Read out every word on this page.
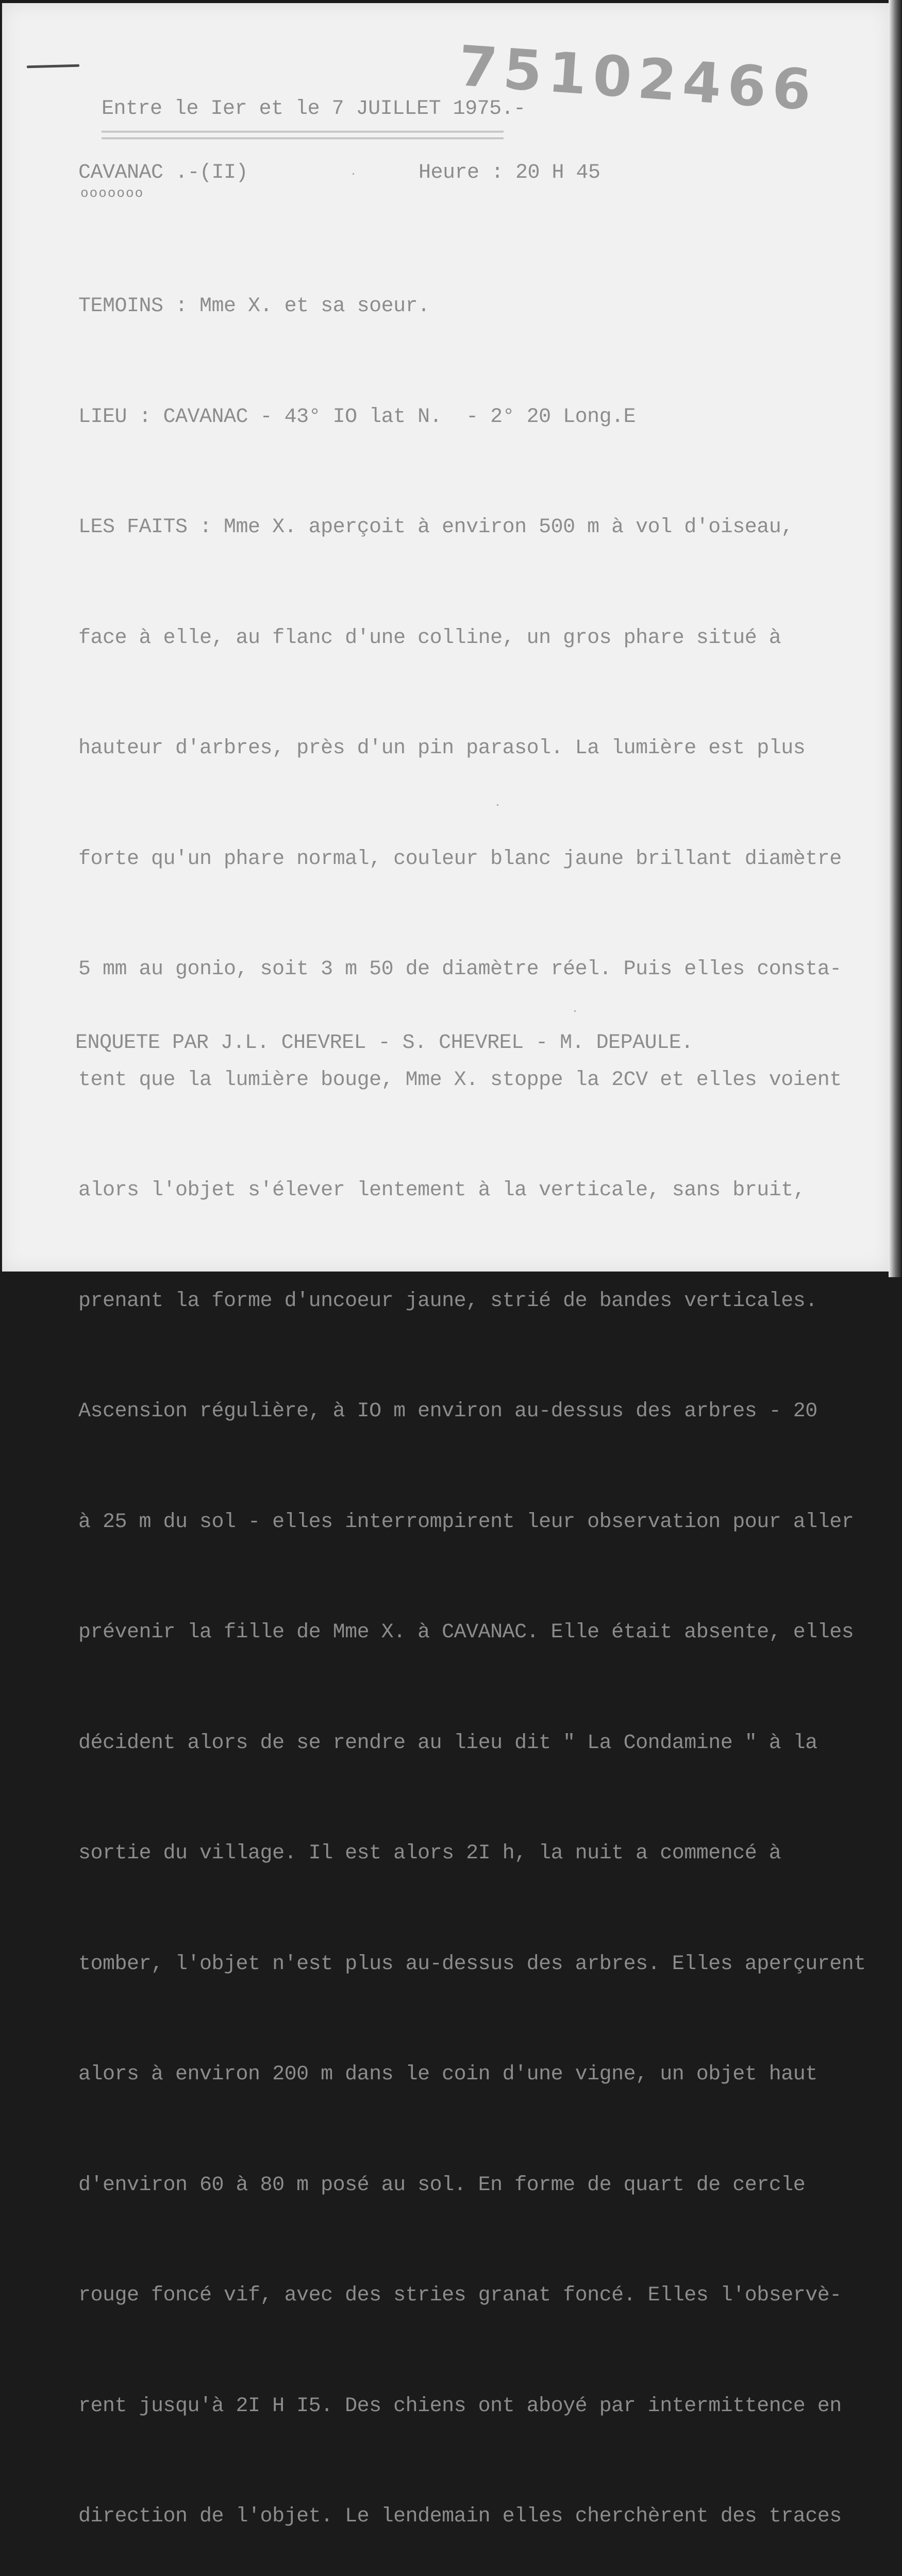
75102466
Entre le Ier et le 7 JUILLET 1975.-
CAVANAC .-(II)	Heure : 20 H 45
ooooooo

TEMOINS : Mme X. et sa soeur.

LIEU : CAVANAC - 43° IO lat N.  - 2° 20 Long.E

LES FAITS : Mme X. aperçoit à environ 500 m à vol d'oiseau,

face à elle, au flanc d'une colline, un gros phare situé à

hauteur d'arbres, près d'un pin parasol. La lumière est plus

forte qu'un phare normal, couleur blanc jaune brillant diamètre

5 mm au gonio, soit 3 m 50 de diamètre réel. Puis elles consta-

tent que la lumière bouge, Mme X. stoppe la 2CV et elles voient

alors l'objet s'élever lentement à la verticale, sans bruit,

prenant la forme d'uncoeur jaune, strié de bandes verticales.

Ascension régulière, à IO m environ au-dessus des arbres - 20

à 25 m du sol - elles interrompirent leur observation pour aller

prévenir la fille de Mme X. à CAVANAC. Elle était absente, elles

décident alors de se rendre au lieu dit " La Condamine " à la

sortie du village. Il est alors 2I h, la nuit a commencé à

tomber, l'objet n'est plus au-dessus des arbres. Elles aperçurent

alors à environ 200 m dans le coin d'une vigne, un objet haut

d'environ 60 à 80 m posé au sol. En forme de quart de cercle

rouge foncé vif, avec des stries granat foncé. Elles l'observè-

rent jusqu'à 2I H I5. Des chiens ont aboyé par intermittence en

direction de l'objet. Le lendemain elles cherchèrent des traces

ENQUETE PAR J.L. CHEVREL - S. CHEVREL - M. DEPAULE.
